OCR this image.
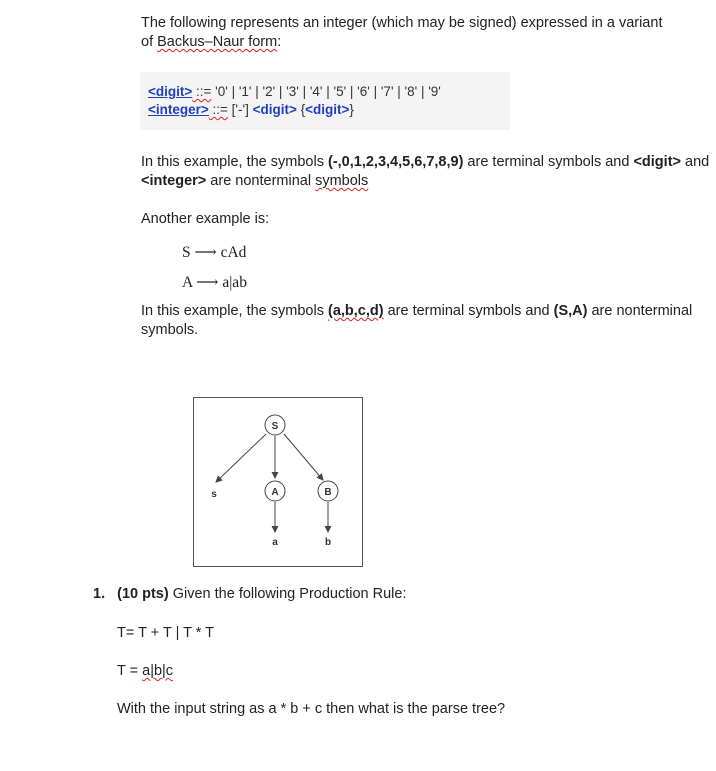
The following represents an integer (which may be signed) expressed in a variant
of Backus–Naur form:
<digit> ::= '0' | '1' | '2' | '3' | '4' | '5' | '6' | '7' | '8' | '9'
<integer> ::= ['-'] <digit> {<digit>}
In this example, the symbols (-,0,1,2,3,4,5,6,7,8,9) are terminal symbols and <digit> and
<integer> are nonterminal symbols
Another example is:
S ⟶ cAd
A ⟶ a|ab
In this example, the symbols (a,b,c,d) are terminal symbols and (S,A) are nonterminal
symbols.
S
s	A	B
a	b
1. (10 pts) Given the following Production Rule:
T= T + T | T * T
T = a|b|c
With the input string as a * b + c then what is the parse tree?
